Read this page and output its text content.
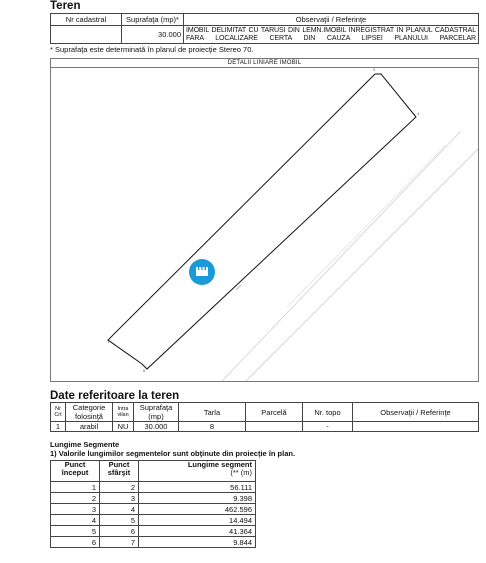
Teren
Nr cadastral	Suprafaţa (mp)*	Observaţii / Referinţe
	30.000	IMOBIL DELIMITAT CU TARUSI DIN LEMN.IMOBIL INREGISTRAT IN PLANUL CADASTRAL FARA LOCALIZARE CERTA DIN CAUZA LIPSEI PLANULUI PARCELAR
* Suprafaţa este determinată în planul de proiecţie Stereo 70.
DETALII LINIARE IMOBIL
3
4
6
1
Date referitoare la teren
Nr Crt	Categorie folosinţă	Intra vilan	Suprafaţa (mp)	Tarla	Parcelă	Nr. topo	Observaţii / Referinţe
1	arabil	NU	30.000	8		-	
Lungime Segmente
1) Valorile lungimilor segmentelor sunt obţinute din proiecţie în plan.
Punct început	Punct sfârşit	Lungime segment
(** (m)

1	2	56.111
2	3	9.398
3	4	462.596
4	5	14.494
5	6	41.364
6	7	9.844
